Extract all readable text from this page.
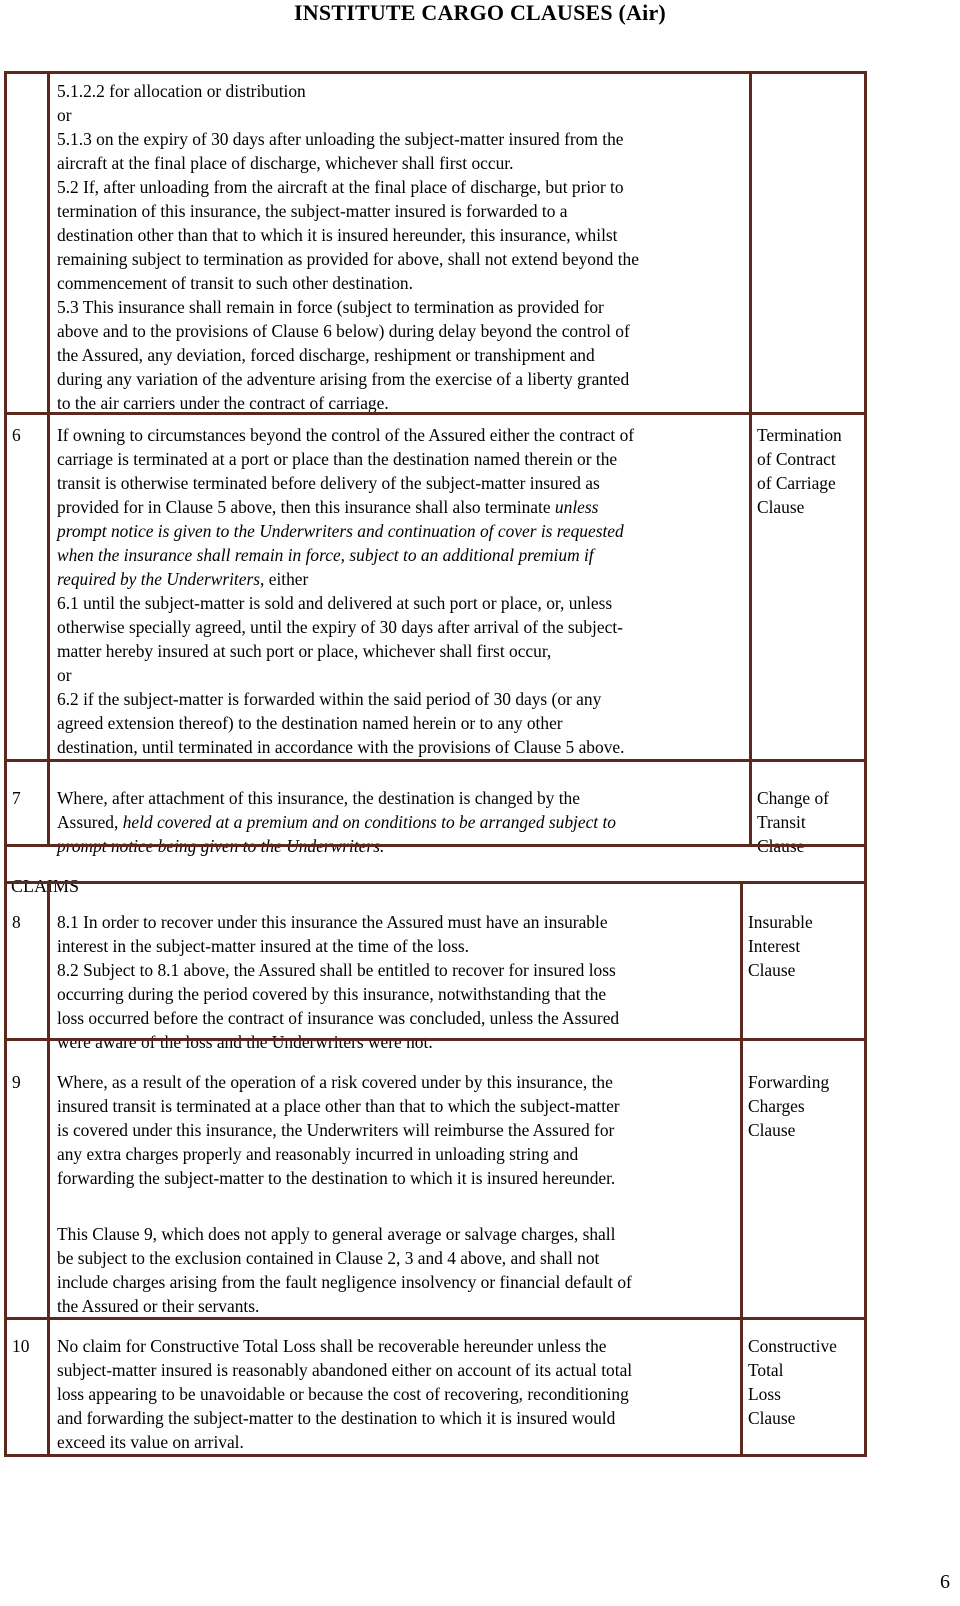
INSTITUTE CARGO CLAUSES (Air)
5.1.2.2 for allocation or distribution
or
5.1.3 on the expiry of 30 days after unloading the subject-matter insured from the
aircraft at the final place of discharge, whichever shall first occur.
5.2 If, after unloading from the aircraft at the final place of discharge, but prior to
termination of this insurance, the subject-matter insured is forwarded to a
destination other than that to which it is insured hereunder, this insurance, whilst
remaining subject to termination as provided for above, shall not extend beyond the
commencement of transit to such other destination.
5.3 This insurance shall remain in force (subject to termination as provided for
above and to the provisions of Clause 6 below) during delay beyond the control of
the Assured, any deviation, forced discharge, reshipment or transhipment and
during any variation of the adventure arising from the exercise of a liberty granted
to the air carriers under the contract of carriage.
6 If owning to circumstances beyond the control of the Assured either the contract of
carriage is terminated at a port or place than the destination named therein or the
transit is otherwise terminated before delivery of the subject-matter insured as
provided for in Clause 5 above, then this insurance shall also terminate unless
prompt notice is given to the Underwriters and continuation of cover is requested
when the insurance shall remain in force, subject to an additional premium if
required by the Underwriters, either
6.1 until the subject-matter is sold and delivered at such port or place, or, unless
otherwise specially agreed, until the expiry of 30 days after arrival of the subject-
matter hereby insured at such port or place, whichever shall first occur,
or
6.2 if the subject-matter is forwarded within the said period of 30 days (or any
agreed extension thereof) to the destination named herein or to any other
destination, until terminated in accordance with the provisions of Clause 5 above.
Termination
of Contract
of Carriage
Clause
7 Where, after attachment of this insurance, the destination is changed by the
Assured, held covered at a premium and on conditions to be arranged subject to
prompt notice being given to the Underwriters.
Change of
Transit
Clause
CLAIMS
8 8.1 In order to recover under this insurance the Assured must have an insurable
interest in the subject-matter insured at the time of the loss.
8.2 Subject to 8.1 above, the Assured shall be entitled to recover for insured loss
occurring during the period covered by this insurance, notwithstanding that the
loss occurred before the contract of insurance was concluded, unless the Assured
were aware of the loss and the Underwriters were not.
Insurable
Interest
Clause
9 Where, as a result of the operation of a risk covered under by this insurance, the
insured transit is terminated at a place other than that to which the subject-matter
is covered under this insurance, the Underwriters will reimburse the Assured for
any extra charges properly and reasonably incurred in unloading string and
forwarding the subject-matter to the destination to which it is insured hereunder.
This Clause 9, which does not apply to general average or salvage charges, shall
be subject to the exclusion contained in Clause 2, 3 and 4 above, and shall not
include charges arising from the fault negligence insolvency or financial default of
the Assured or their servants.
Forwarding
Charges
Clause
10 No claim for Constructive Total Loss shall be recoverable hereunder unless the
subject-matter insured is reasonably abandoned either on account of its actual total
loss appearing to be unavoidable or because the cost of recovering, reconditioning
and forwarding the subject-matter to the destination to which it is insured would
exceed its value on arrival.
Constructive
Total
Loss
Clause
6
